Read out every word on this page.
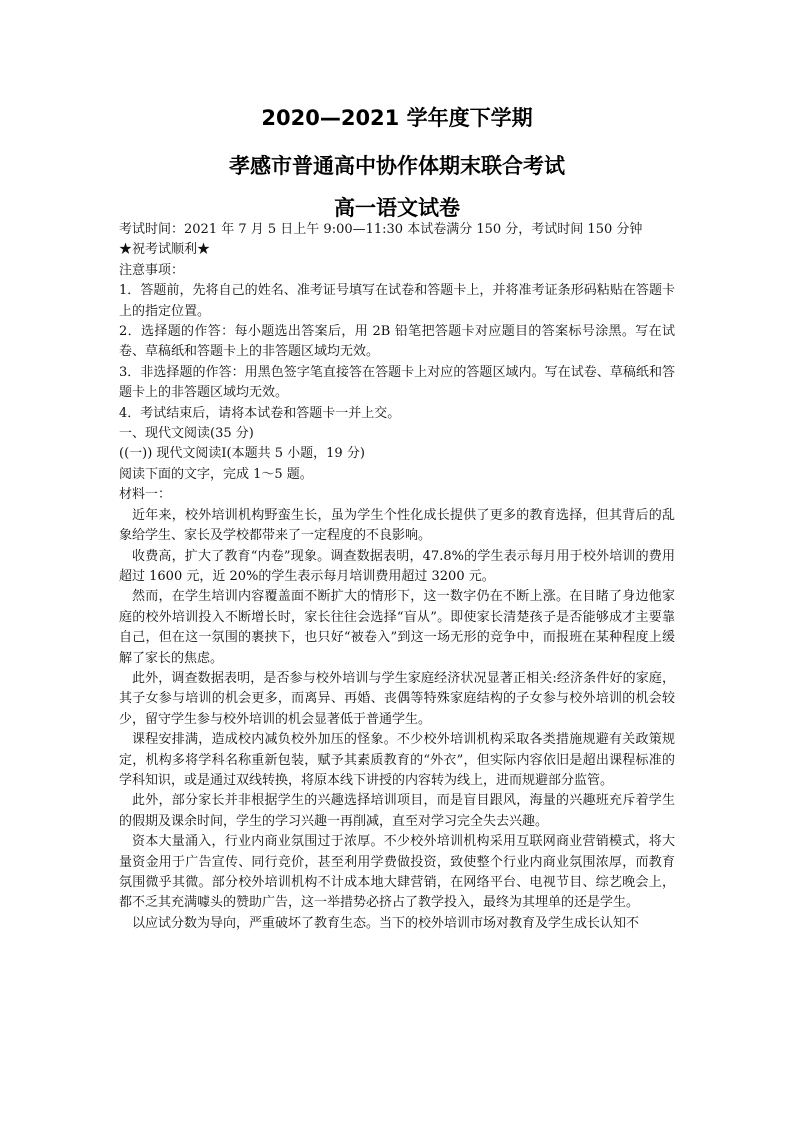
2020—2021 学年度下学期
孝感市普通高中协作体期末联合考试
高一语文试卷

考试时间：2021 年 7 月 5 日上午 9:00—11:30 本试卷满分 150 分，考试时间 150 分钟

★祝考试顺利★

注意事项：

1．答题前，先将自己的姓名、准考证号填写在试卷和答题卡上，并将准考证条形码粘贴在答题卡上的指定位置。

2．选择题的作答：每小题选出答案后，用 2B 铅笔把答题卡对应题目的答案标号涂黑。写在试卷、草稿纸和答题卡上的非答题区域均无效。

3．非选择题的作答：用黑色签字笔直接答在答题卡上对应的答题区域内。写在试卷、草稿纸和答题卡上的非答题区域均无效。

4．考试结束后，请将本试卷和答题卡一并上交。

一、现代文阅读(35 分)

((一)) 现代文阅读Ⅰ(本题共 5 小题，19 分)

阅读下面的文字，完成 1～5 题。

材料一：

近年来，校外培训机构野蛮生长，虽为学生个性化成长提供了更多的教育选择，但其背后的乱象给学生、家长及学校都带来了一定程度的不良影响。

收费高，扩大了教育“内卷”现象。调查数据表明，47.8%的学生表示每月用于校外培训的费用超过 1600 元，近 20%的学生表示每月培训费用超过 3200 元。

然而，在学生培训内容覆盖面不断扩大的情形下，这一数字仍在不断上涨。在目睹了身边他家庭的校外培训投入不断增长时，家长往往会选择“盲从”。即使家长清楚孩子是否能够成才主要靠自己，但在这一氛围的裹挟下，也只好“被卷入”到这一场无形的竞争中，而报班在某种程度上缓解了家长的焦虑。

此外，调查数据表明，是否参与校外培训与学生家庭经济状况显著正相关:经济条件好的家庭，其子女参与培训的机会更多，而离异、再婚、丧偶等特殊家庭结构的子女参与校外培训的机会较少，留守学生参与校外培训的机会显著低于普通学生。

课程安排满，造成校内减负校外加压的怪象。不少校外培训机构采取各类措施规避有关政策规定，机构多将学科名称重新包装，赋予其素质教育的“外衣”，但实际内容依旧是超出课程标准的学科知识，或是通过双线转换，将原本线下讲授的内容转为线上，进而规避部分监管。

此外，部分家长并非根据学生的兴趣选择培训项目，而是盲目跟风，海量的兴趣班充斥着学生的假期及课余时间，学生的学习兴趣一再削减，直至对学习完全失去兴趣。

资本大量涌入，行业内商业氛围过于浓厚。不少校外培训机构采用互联网商业营销模式，将大量资金用于广告宣传、同行竞价，甚至利用学费做投资，致使整个行业内商业氛围浓厚，而教育氛围微乎其微。部分校外培训机构不计成本地大肆营销，在网络平台、电视节目、综艺晚会上，都不乏其充满噱头的赞助广告，这一举措势必挤占了教学投入，最终为其埋单的还是学生。

以应试分数为导向，严重破坏了教育生态。当下的校外培训市场对教育及学生成长认知不
